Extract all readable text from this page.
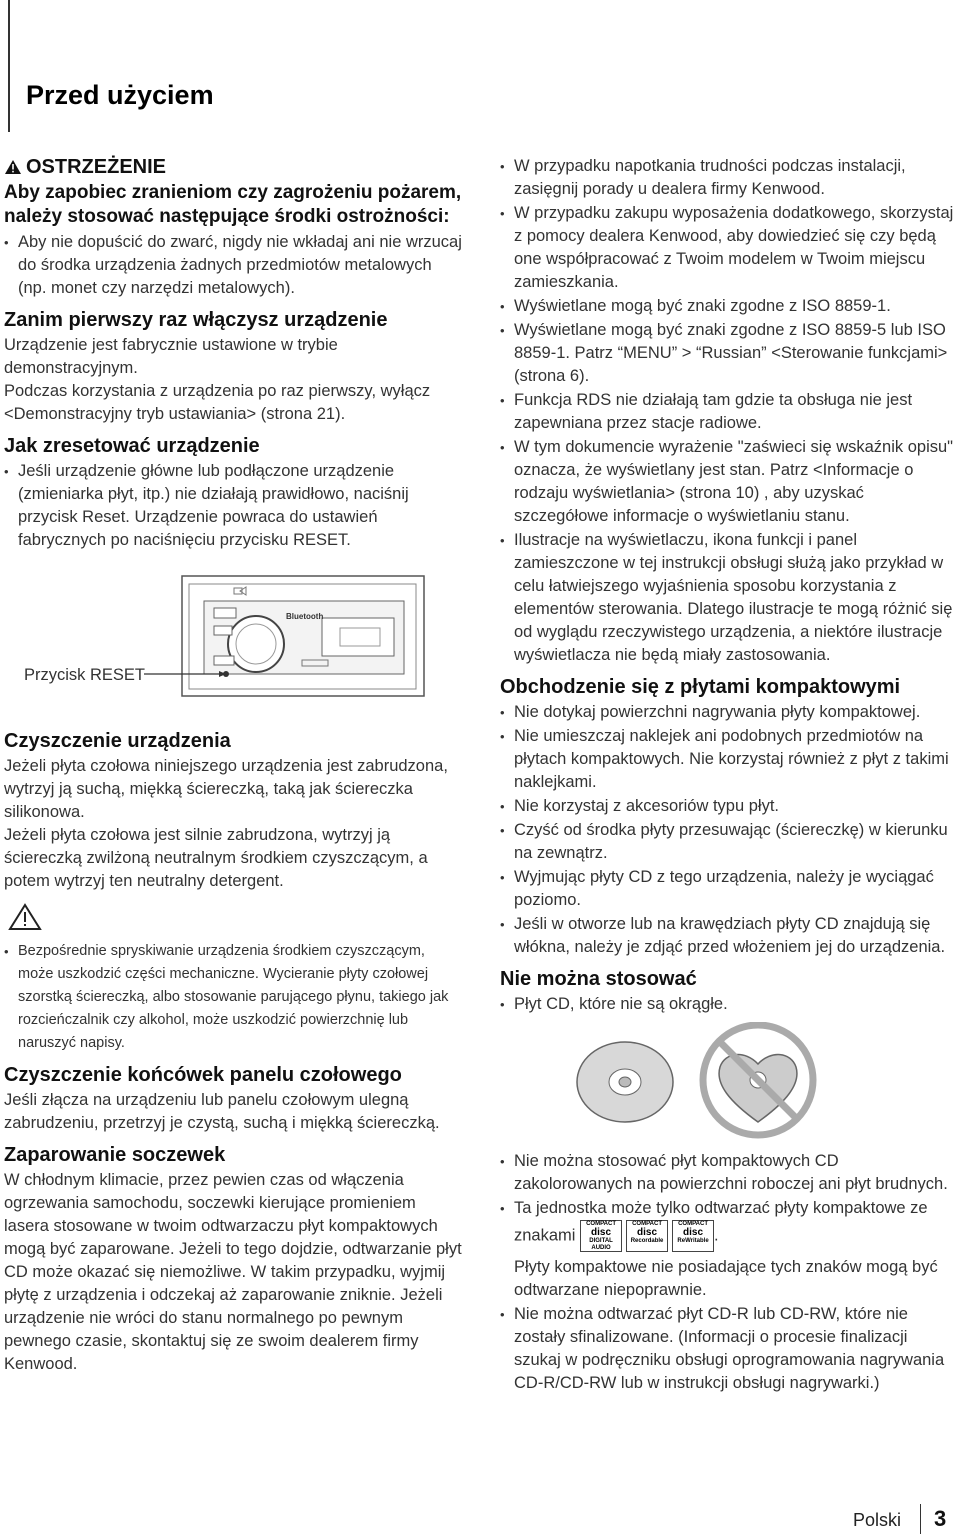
Przed użyciem
OSTRZEŻENIE

Aby zapobiec zranieniom czy zagrożeniu pożarem, należy stosować następujące środki ostrożności:

• Aby nie dopuścić do zwarć, nigdy nie wkładaj ani nie wrzucaj do środka urządzenia żadnych przedmiotów metalowych (np. monet czy narzędzi metalowych).
Zanim pierwszy raz włączysz urządzenie

Urządzenie jest fabrycznie ustawione w trybie demonstracyjnym.

Podczas korzystania z urządzenia po raz pierwszy, wyłącz <Demonstracyjny tryb ustawiania> (strona 21).

Jak zresetować urządzenie
• Jeśli urządzenie główne lub podłączone urządzenie (zmieniarka płyt, itp.) nie działają prawidłowo, naciśnij przycisk Reset. Urządzenie powraca do ustawień fabrycznych po naciśnięciu przycisku RESET.
Bluetooth
Przycisk RESET
Czyszczenie urządzenia

Jeżeli płyta czołowa niniejszego urządzenia jest zabrudzona, wytrzyj ją suchą, miękką ściereczką, taką jak ściereczka silikonowa.

Jeżeli płyta czołowa jest silnie zabrudzona, wytrzyj ją ściereczką zwilżoną neutralnym środkiem czyszczącym, a potem wytrzyj ten neutralny detergent.

• Bezpośrednie spryskiwanie urządzenia środkiem czyszczącym, może uszkodzić części mechaniczne. Wycieranie płyty czołowej szorstką ściereczką, albo stosowanie parującego płynu, takiego jak rozcieńczalnik czy alkohol, może uszkodzić powierzchnię lub naruszyć napisy.
Czyszczenie końcówek panelu czołowego

Jeśli złącza na urządzeniu lub panelu czołowym ulegną zabrudzeniu, przetrzyj je czystą, suchą i miękką ściereczką.

Zaparowanie soczewek

W chłodnym klimacie, przez pewien czas od włączenia ogrzewania samochodu, soczewki kierujące promieniem lasera stosowane w twoim odtwarzaczu płyt kompaktowych mogą być zaparowane. Jeżeli to tego dojdzie, odtwarzanie płyt CD może okazać się niemożliwe. W takim przypadku, wyjmij płytę z urządzenia i odczekaj aż zaparowanie zniknie. Jeżeli urządzenie nie wróci do stanu normalnego po pewnym pewnego czasie, skontaktuj się ze swoim dealerem firmy Kenwood.

• W przypadku napotkania trudności podczas instalacji, zasięgnij porady u dealera firmy Kenwood.
• W przypadku zakupu wyposażenia dodatkowego, skorzystaj z pomocy dealera Kenwood, aby dowiedzieć się czy będą one współpracować z Twoim modelem w Twoim miejscu zamieszkania.
• Wyświetlane mogą być znaki zgodne z ISO 8859-1.
• Wyświetlane mogą być znaki zgodne z ISO 8859-5 lub ISO 8859-1. Patrz “MENU” > “Russian” <Sterowanie funkcjami> (strona 6).
• Funkcja RDS nie działają tam gdzie ta obsługa nie jest zapewniana przez stacje radiowe.
• W tym dokumencie wyrażenie "zaświeci się wskaźnik opisu" oznacza, że wyświetlany jest stan. Patrz <Informacje o rodzaju wyświetlania> (strona 10) , aby uzyskać szczegółowe informacje o wyświetlaniu stanu.
• Ilustracje na wyświetlaczu, ikona funkcji i panel zamieszczone w tej instrukcji obsługi służą jako przykład w celu łatwiejszego wyjaśnienia sposobu korzystania z elementów sterowania. Dlatego ilustracje te mogą różnić się od wyglądu rzeczywistego urządzenia, a niektóre ilustracje wyświetlacza nie będą miały zastosowania.
Obchodzenie się z płytami kompaktowymi
• Nie dotykaj powierzchni nagrywania płyty kompaktowej.
• Nie umieszczaj naklejek ani podobnych przedmiotów na płytach kompaktowych. Nie korzystaj również z płyt z takimi naklejkami.
• Nie korzystaj z akcesoriów typu płyt.
• Czyść od środka płyty przesuwając (ściereczkę) w kierunku na zewnątrz.
• Wyjmując płyty CD z tego urządzenia, należy je wyciągać poziomo.
• Jeśli w otworze lub na krawędziach płyty CD znajdują się włókna, należy je zdjąć przed włożeniem jej do urządzenia.
Nie można stosować
• Płyt CD, które nie są okrągłe.
• Nie można stosować płyt kompaktowych CD zakolorowanych na powierzchni roboczej ani płyt brudnych.
• Ta jednostka może tylko odtwarzać płyty kompaktowe ze znakami
COMPACT
disc
DIGITAL AUDIO
COMPACT
disc
Recordable
COMPACT
disc
ReWritable .
Płyty kompaktowe nie posiadające tych znaków mogą być odtwarzane niepoprawnie.
• Nie można odtwarzać płyt CD-R lub CD-RW, które nie zostały sfinalizowane. (Informacji o procesie finalizacji szukaj w podręczniku obsługi oprogramowania nagrywania CD-R/CD-RW lub w instrukcji obsługi nagrywarki.)
Polski 3
